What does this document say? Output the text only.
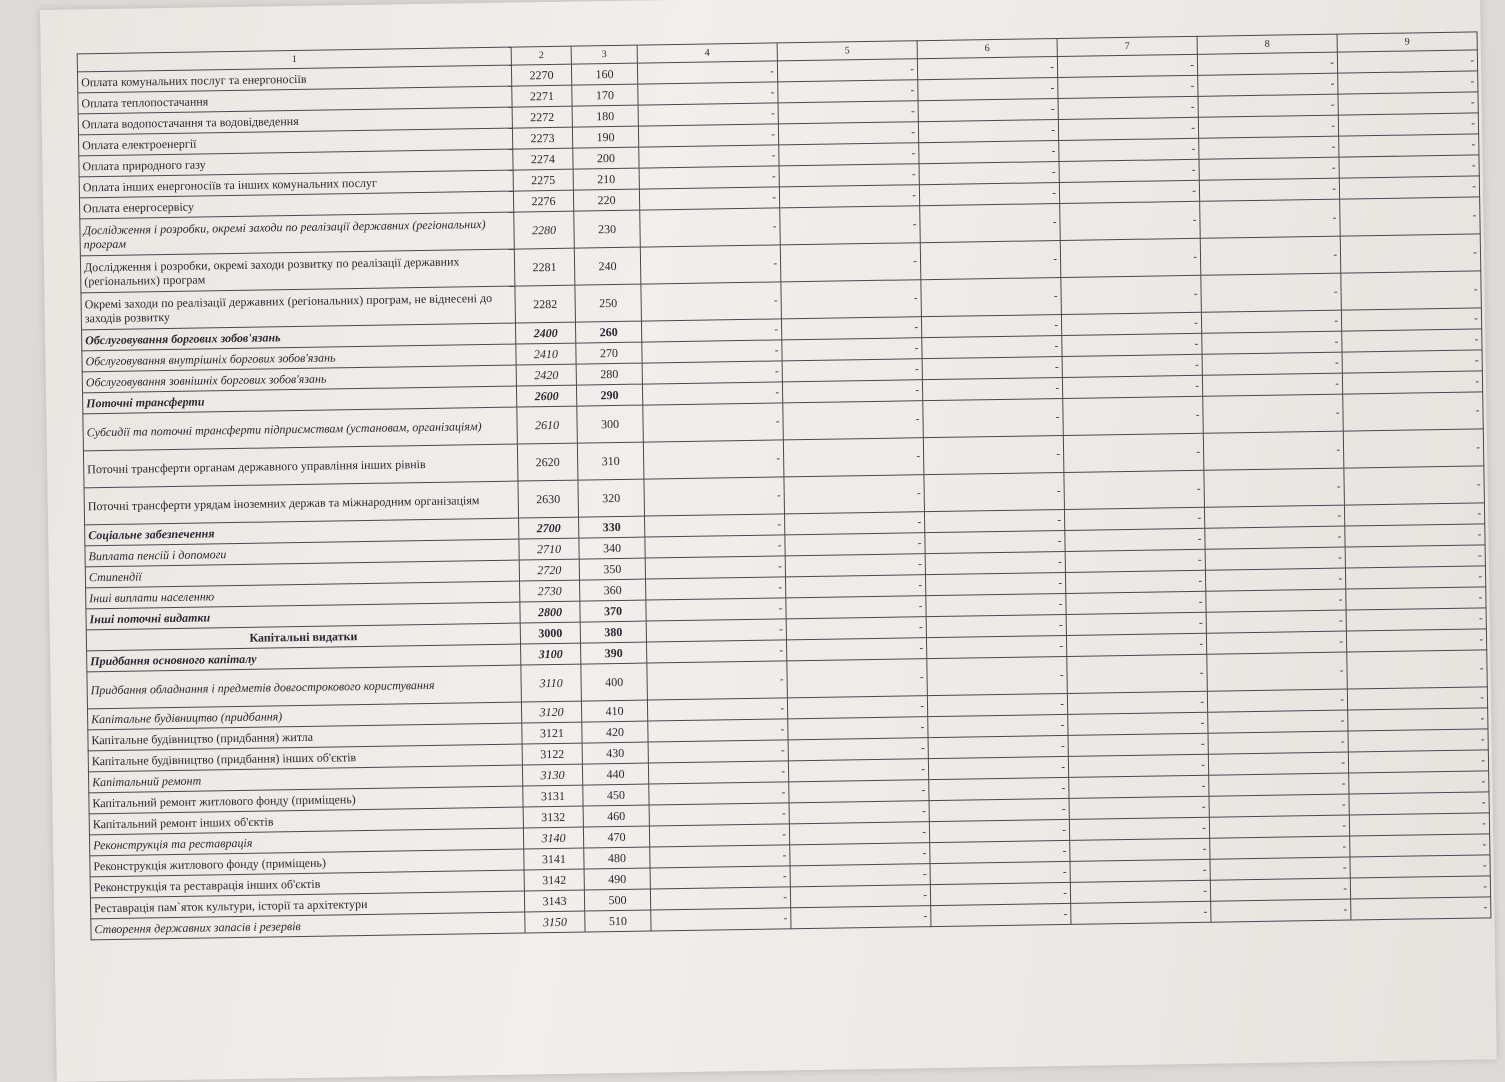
1	2	3	4	5	6	7	8	9
Оплата комунальних послуг та енергоносіїв	2270	160	-	-	-	-	-	-
Оплата теплопостачання	2271	170	-	-	-	-	-	-
Оплата водопостачання та водовідведення	2272	180	-	-	-	-	-	-
Оплата електроенергії	2273	190	-	-	-	-	-	-
Оплата природного газу	2274	200	-	-	-	-	-	-
Оплата інших енергоносіїв та інших комунальних послуг	2275	210	-	-	-	-	-	-
Оплата енергосервісу	2276	220	-	-	-	-	-	-
Дослідження і розробки, окремі заходи по реалізації державних (регіональних) програм	2280	230	-	-	-	-	-	-
Дослідження і розробки, окремі заходи розвитку по реалізації державних (регіональних) програм	2281	240	-	-	-	-	-	-
Окремі заходи по реалізації державних (регіональних) програм, не віднесені до заходів розвитку	2282	250	-	-	-	-	-	-
Обслуговування боргових зобов'язань	2400	260	-	-	-	-	-	-
Обслуговування внутрішніх боргових зобов'язань	2410	270	-	-	-	-	-	-
Обслуговування зовнішніх боргових зобов'язань	2420	280	-	-	-	-	-	-
Поточні трансферти	2600	290	-	-	-	-	-	-
Субсидії та поточні трансферти підприємствам (установам, організаціям)	2610	300	-	-	-	-	-	-
Поточні трансферти органам державного управління інших рівнів	2620	310	-	-	-	-	-	-
Поточні трансферти урядам іноземних держав та міжнародним організаціям	2630	320	-	-	-	-	-	-
Соціальне забезпечення	2700	330	-	-	-	-	-	-
Виплата пенсій і допомоги	2710	340	-	-	-	-	-	-
Стипендії	2720	350	-	-	-	-	-	-
Інші виплати населенню	2730	360	-	-	-	-	-	-
Інші поточні видатки	2800	370	-	-	-	-	-	-
Капітальні видатки	3000	380	-	-	-	-	-	-
Придбання основного капіталу	3100	390	-	-	-	-	-	-
Придбання обладнання і предметів довгострокового користування	3110	400	-	-	-	-	-	-
Капітальне будівництво (придбання)	3120	410	-	-	-	-	-	-
Капітальне будівництво (придбання) житла	3121	420	-	-	-	-	-	-
Капітальне будівництво (придбання) інших об'єктів	3122	430	-	-	-	-	-	-
Капітальний ремонт	3130	440	-	-	-	-	-	-
Капітальний ремонт житлового фонду (приміщень)	3131	450	-	-	-	-	-	-
Капітальний ремонт інших об'єктів	3132	460	-	-	-	-	-	-
Реконструкція та реставрація	3140	470	-	-	-	-	-	-
Реконструкція житлового фонду (приміщень)	3141	480	-	-	-	-	-	-
Реконструкція та реставрація інших об'єктів	3142	490	-	-	-	-	-	-
Реставрація пам`яток культури, історії та архітектури	3143	500	-	-	-	-	-	-
Створення державних запасів і резервів	3150	510	-	-	-	-	-	-
